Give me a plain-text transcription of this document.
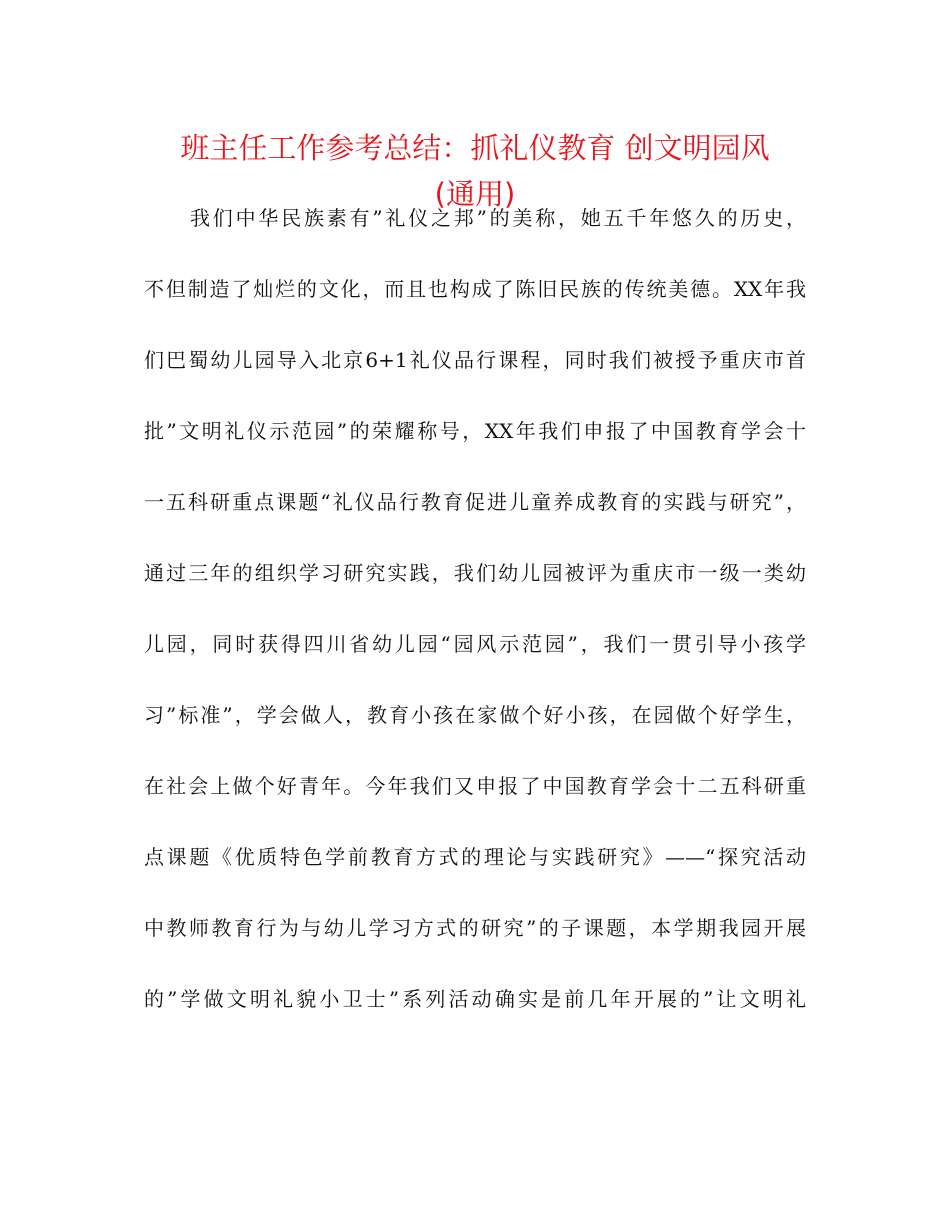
班主任工作参考总结：抓礼仪教育 创文明园风
(通用)
我们中华民族素有”礼仪之邦”的美称，她五千年悠久的历史，
不但制造了灿烂的文化，而且也构成了陈旧民族的传统美德。XX年我
们巴蜀幼儿园导入北京6+1礼仪品行课程，同时我们被授予重庆市首
批”文明礼仪示范园”的荣耀称号，XX年我们申报了中国教育学会十
一五科研重点课题“礼仪品行教育促进儿童养成教育的实践与研究”，
通过三年的组织学习研究实践，我们幼儿园被评为重庆市一级一类幼
儿园，同时获得四川省幼儿园“园风示范园”，我们一贯引导小孩学
习”标准”，学会做人，教育小孩在家做个好小孩，在园做个好学生，
在社会上做个好青年。今年我们又申报了中国教育学会十二五科研重
点课题《优质特色学前教育方式的理论与实践研究》——“探究活动
中教师教育行为与幼儿学习方式的研究”的子课题，本学期我园开展
的”学做文明礼貌小卫士”系列活动确实是前几年开展的”让文明礼
